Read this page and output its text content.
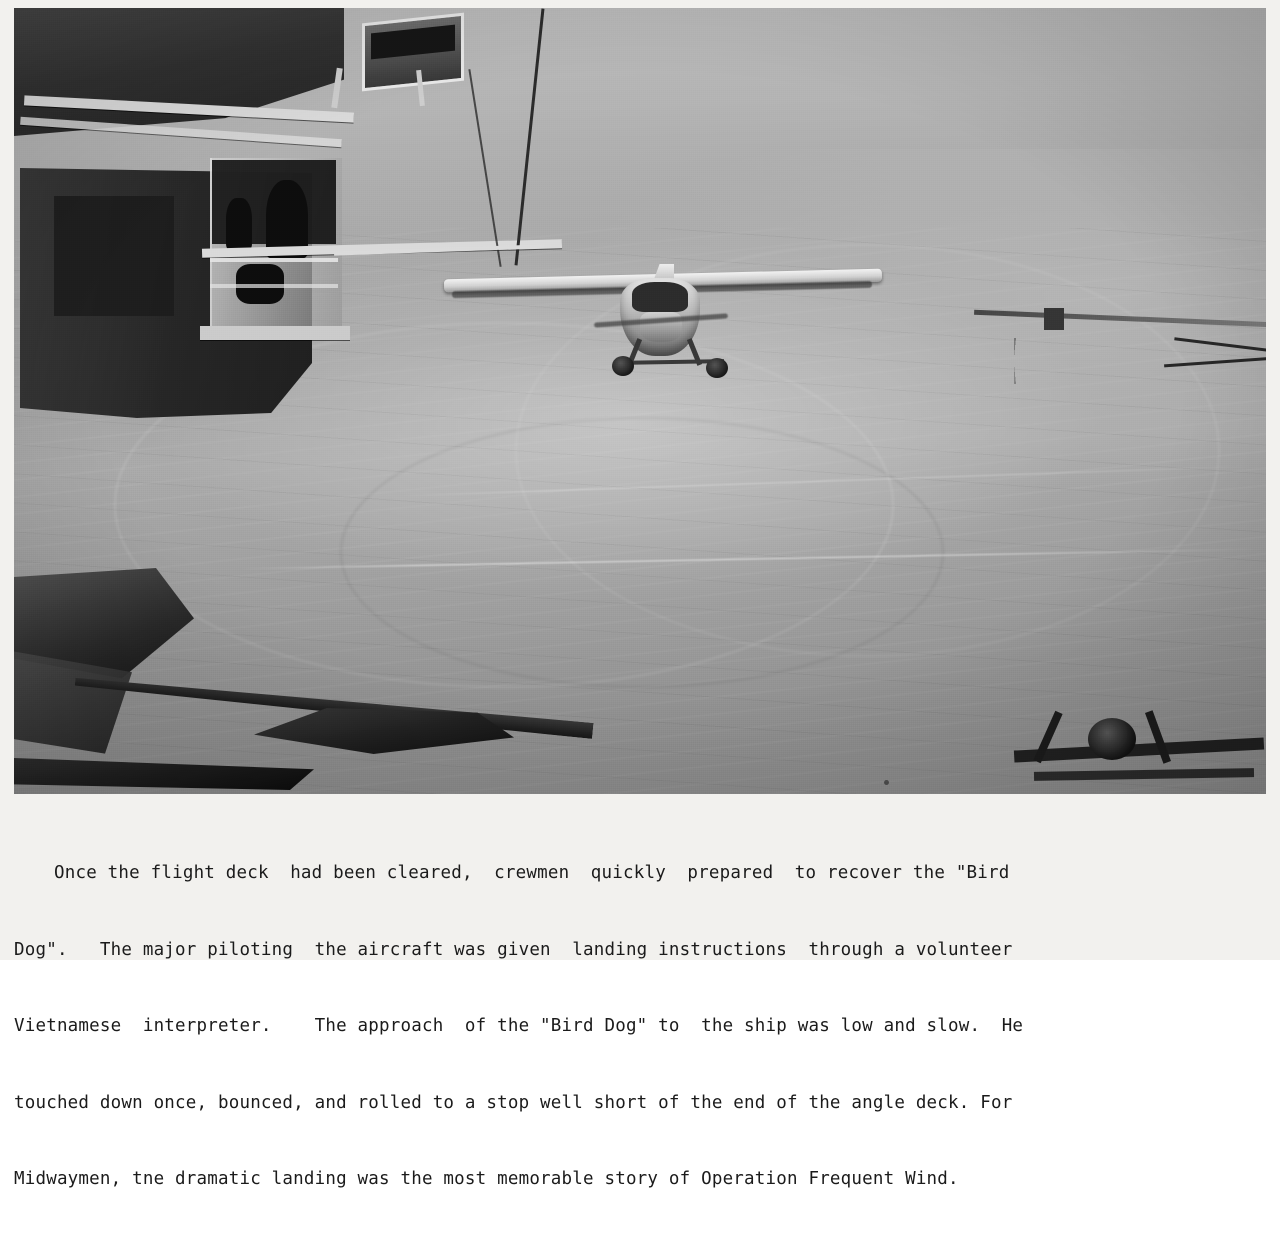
Once the flight deck  had been cleared,  crewmen  quickly  prepared  to recover the "Bird

Dog".   The major piloting  the aircraft was given  landing instructions  through a volunteer

Vietnamese  interpreter.    The approach  of the "Bird Dog" to  the ship was low and slow.  He

touched down once, bounced, and rolled to a stop well short of the end of the angle deck. For

Midwaymen, tne dramatic landing was the most memorable story of Operation Frequent Wind.
